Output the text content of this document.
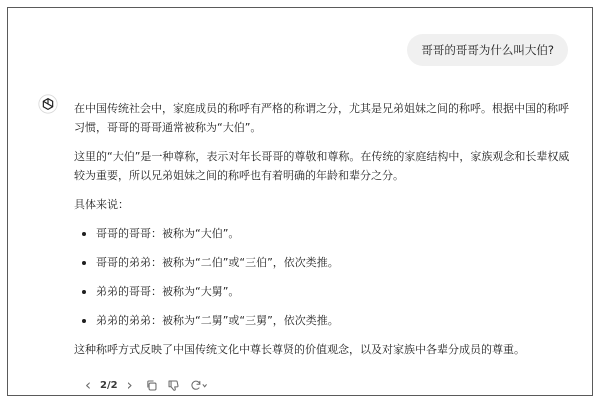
哥哥的哥哥为什么叫大伯?

在中国传统社会中，家庭成员的称呼有严格的称谓之分，尤其是兄弟姐妹之间的称呼。根据中国的称呼习惯，哥哥的哥哥通常被称为“大伯”。

这里的“大伯”是一种尊称，表示对年长哥哥的尊敬和尊称。在传统的家庭结构中，家族观念和长辈权威较为重要，所以兄弟姐妹之间的称呼也有着明确的年龄和辈分之分。

具体来说：

哥哥的哥哥：被称为“大伯”。
哥哥的弟弟：被称为“二伯”或“三伯”，依次类推。
弟弟的哥哥：被称为“大舅”。
弟弟的弟弟：被称为“二舅”或“三舅”，依次类推。

这种称呼方式反映了中国传统文化中尊长尊贤的价值观念，以及对家族中各辈分成员的尊重。

‹ 2/2 ›
